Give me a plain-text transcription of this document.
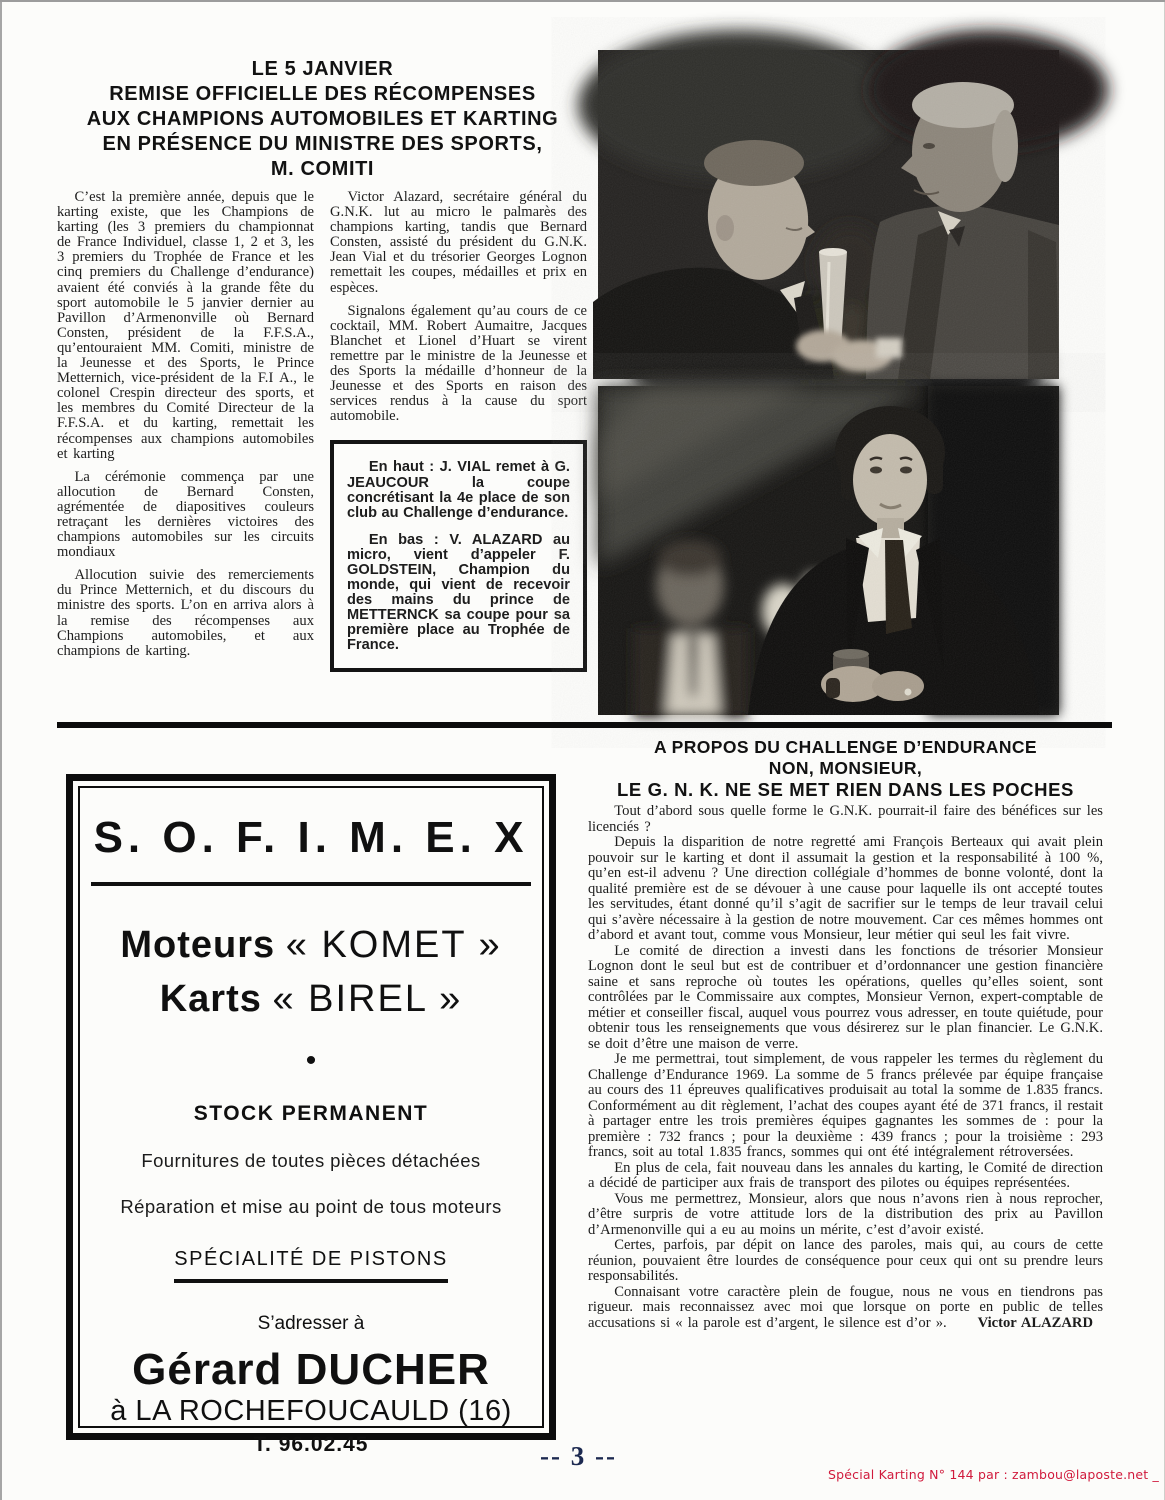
LE 5 JANVIER
REMISE OFFICIELLE DES RÉCOMPENSES
AUX CHAMPIONS AUTOMOBILES ET KARTING
EN PRÉSENCE DU MINISTRE DES SPORTS,
M. COMITI

C’est la première année, depuis que le karting existe, que les Champions de karting (les 3 premiers du championnat de France Individuel, classe 1, 2 et 3, les 3 premiers du Trophée de France et les cinq premiers du Challenge d’endurance) avaient été conviés à la grande fête du sport automobile le 5 janvier dernier au Pavillon d’Armenonville où Bernard Consten, président de la F.F.S.A., qu’entouraient MM. Comiti, ministre de la Jeunesse et des Sports, le Prince Metternich, vice-président de la F.I A., le colonel Crespin directeur des sports, et les membres du Comité Directeur de la F.F.S.A. et du karting, remettait les récompenses aux champions automobiles et karting

La cérémonie commença par une allocution de Bernard Consten, agrémentée de diapositives couleurs retraçant les dernières victoires des champions automobiles sur les circuits mondiaux

Allocution suivie des remerciements du Prince Metternich, et du discours du ministre des sports. L’on en arriva alors à la remise des récompenses aux Champions automobiles, et aux champions de karting.

Victor Alazard, secrétaire général du G.N.K. lut au micro le palmarès des champions karting, tandis que Bernard Consten, assisté du président du G.N.K. Jean Vial et du trésorier Georges Lognon remettait les coupes, médailles et prix en espèces.

Signalons également qu’au cours de ce cocktail, MM. Robert Aumaitre, Jacques Blanchet et Lionel d’Huart se virent remettre par le ministre de la Jeunesse et des Sports la médaille d’honneur de la Jeunesse et des Sports en raison des services rendus à la cause du sport automobile.

En haut : J. VIAL remet à G. JEAUCOUR la coupe concrétisant la 4e place de son club au Challenge d’endurance.

En bas : V. ALAZARD au micro, vient d’appeler F. GOLDSTEIN, Champion du monde, qui vient de recevoir des mains du prince de METTERNCK sa coupe pour sa première place au Trophée de France.

S. O. F. I. M. E. X
Moteurs « KOMET »
Karts « BIREL »
•
STOCK PERMANENT
Fournitures de toutes pièces détachées
Réparation et mise au point de tous moteurs
SPÉCIALITÉ DE PISTONS
S’adresser à
Gérard DUCHER
à LA ROCHEFOUCAULD (16)
T. 96.02.45
A PROPOS DU CHALLENGE D’ENDURANCE
NON, MONSIEUR,
LE G. N. K. NE SE MET RIEN DANS LES POCHES

Tout d’abord sous quelle forme le G.N.K. pourrait-il faire des bénéfices sur les licenciés ?

Depuis la disparition de notre regretté ami François Berteaux qui avait plein pouvoir sur le karting et dont il assumait la gestion et la responsabilité à 100 %, qu’en est-il advenu ? Une direction collégiale d’hommes de bonne volonté, dont la qualité première est de se dévouer à une cause pour laquelle ils ont accepté toutes les servitudes, étant donné qu’il s’agit de sacrifier sur le temps de leur travail celui qui s’avère nécessaire à la gestion de notre mouvement. Car ces mêmes hommes ont d’abord et avant tout, comme vous Monsieur, leur métier qui seul les fait vivre.

Le comité de direction a investi dans les fonctions de trésorier Monsieur Lognon dont le seul but est de contribuer et d’ordonnancer une gestion financière saine et sans reproche où toutes les opérations, quelles qu’elles soient, sont contrôlées par le Commissaire aux comptes, Monsieur Vernon, expert-comptable de métier et conseiller fiscal, auquel vous pourrez vous adresser, en toute quiétude, pour obtenir tous les renseignements que vous désirerez sur le plan financier. Le G.N.K. se doit d’être une maison de verre.

Je me permettrai, tout simplement, de vous rappeler les termes du règlement du Challenge d’Endurance 1969. La somme de 5 francs prélevée par équipe française au cours des 11 épreuves qualificatives produisait au total la somme de 1.835 francs. Conformément au dit règlement, l’achat des coupes ayant été de 371 francs, il restait à partager entre les trois premières équipes gagnantes les sommes de : pour la première : 732 francs ; pour la deuxième : 439 francs ; pour la troisième : 293 francs, soit au total 1.835 francs, sommes qui ont été intégralement rétroversées.

En plus de cela, fait nouveau dans les annales du karting, le Comité de direction a décidé de participer aux frais de transport des pilotes ou équipes représentées.

Vous me permettrez, Monsieur, alors que nous n’avons rien à nous reprocher, d’être surpris de votre attitude lors de la distribution des prix au Pavillon d’Armenonville qui a eu au moins un mérite, c’est d’avoir existé.

Certes, parfois, par dépit on lance des paroles, mais qui, au cours de cette réunion, pouvaient être lourdes de conséquence pour ceux qui ont su prendre leurs responsabilités.

Connaisant votre caractère plein de fougue, nous ne vous en tiendrons pas rigueur. mais reconnaissez avec moi que lorsque on porte en public de telles accusations si « la parole est d’argent, le silence est d’or ».	Victor ALAZARD

-- 3 --
Spécial Karting N° 144 par : zambou@laposte.net _
